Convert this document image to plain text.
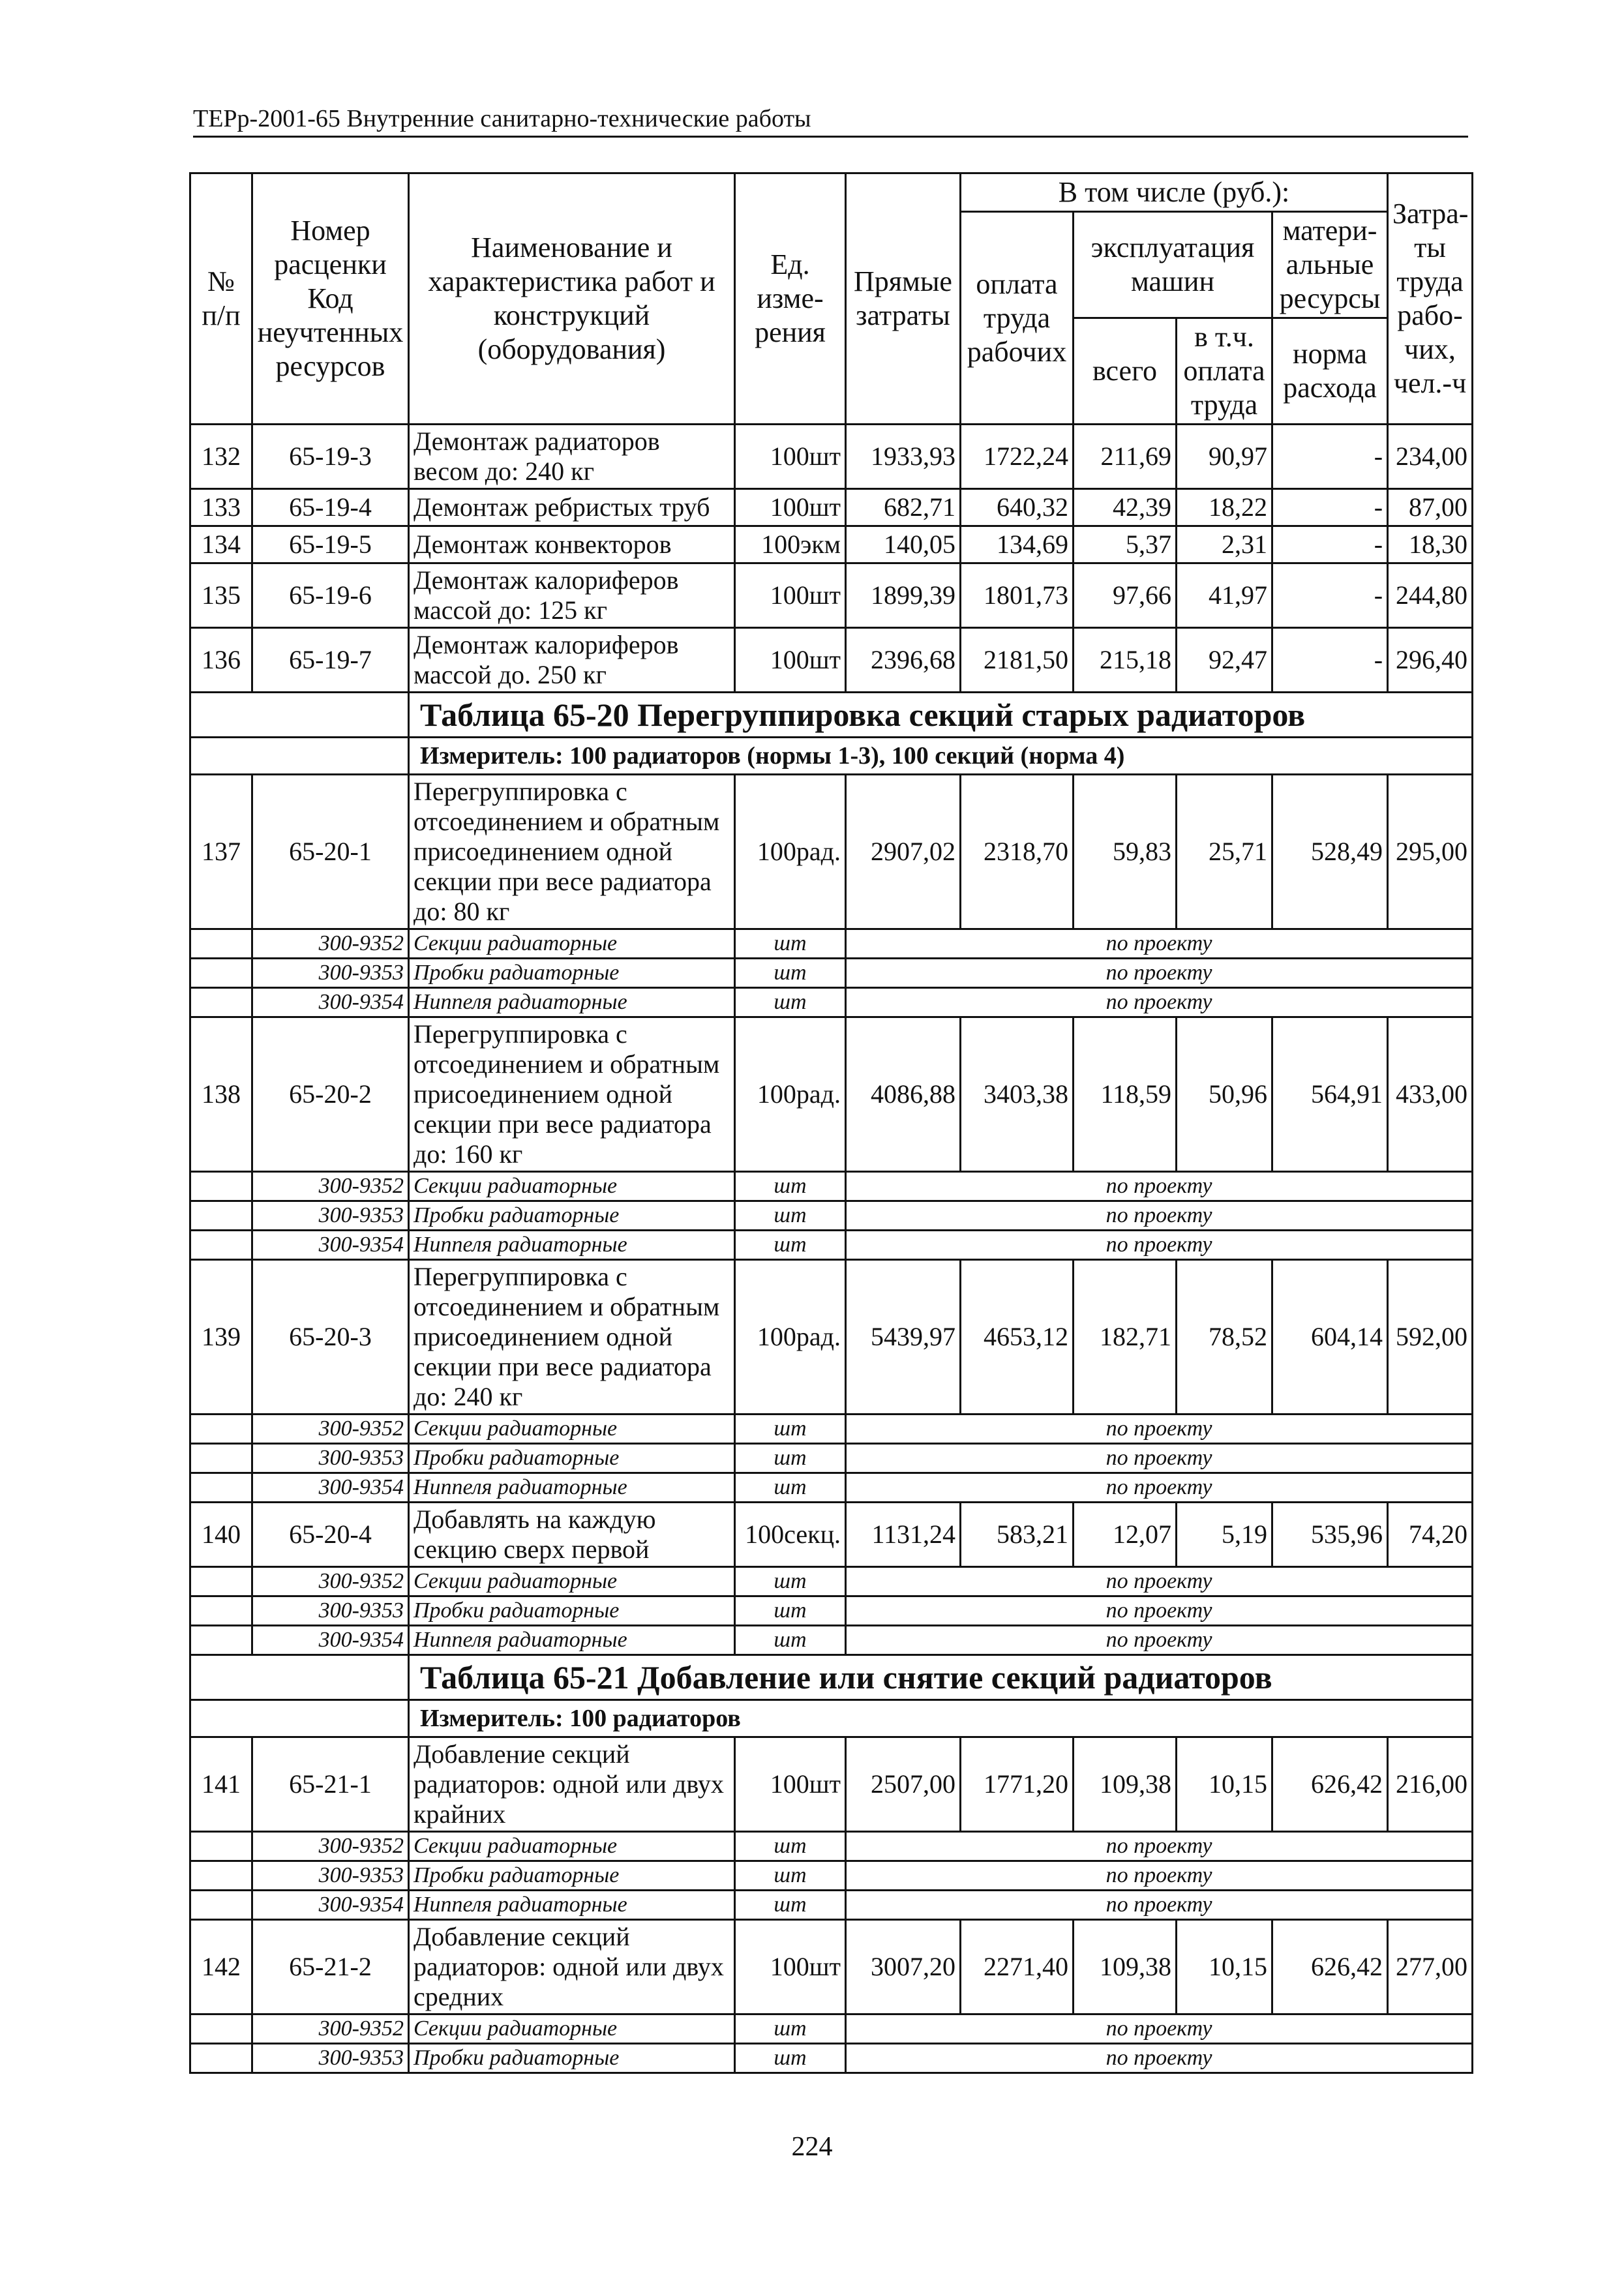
ТЕРр-2001-65 Внутренние санитарно-технические работы
№ п/п	Номер расценки Код неучтенных ресурсов	Наименование и характеристика работ и конструкций (оборудования)	Ед. изме-рения	Прямые затраты	В том числе (руб.):				Затра-ты труда рабо-чих, чел.-ч
					оплата труда рабочих	эксплуатация машин		матери-альные ресурсы	
						всего	в т.ч. оплата труда	норма расхода	
132	65-19-3	Демонтаж радиаторов весом до: 240 кг	100шт	1933,93	1722,24	211,69	90,97	-	234,00
133	65-19-4	Демонтаж ребристых труб	100шт	682,71	640,32	42,39	18,22	-	87,00
134	65-19-5	Демонтаж конвекторов	100экм	140,05	134,69	5,37	2,31	-	18,30
135	65-19-6	Демонтаж калориферов массой до: 125 кг	100шт	1899,39	1801,73	97,66	41,97	-	244,80
136	65-19-7	Демонтаж калориферов массой до. 250 кг	100шт	2396,68	2181,50	215,18	92,47	-	296,40
		Таблица 65-20 Перегруппировка секций старых радиаторов							
		Измеритель: 100 радиаторов (нормы 1-3), 100 секций (норма 4)							
137	65-20-1	Перегруппировка с отсоединением и обратным присоединением одной секции при весе радиатора до: 80 кг	100рад.	2907,02	2318,70	59,83	25,71	528,49	295,00
	300-9352	Секции радиаторные	шт	по проекту					
	300-9353	Пробки радиаторные	шт	по проекту					
	300-9354	Ниппеля радиаторные	шт	по проекту					
138	65-20-2	Перегруппировка с отсоединением и обратным присоединением одной секции при весе радиатора до: 160 кг	100рад.	4086,88	3403,38	118,59	50,96	564,91	433,00
	300-9352	Секции радиаторные	шт	по проекту					
	300-9353	Пробки радиаторные	шт	по проекту					
	300-9354	Ниппеля радиаторные	шт	по проекту					
139	65-20-3	Перегруппировка с отсоединением и обратным присоединением одной секции при весе радиатора до: 240 кг	100рад.	5439,97	4653,12	182,71	78,52	604,14	592,00
	300-9352	Секции радиаторные	шт	по проекту					
	300-9353	Пробки радиаторные	шт	по проекту					
	300-9354	Ниппеля радиаторные	шт	по проекту					
140	65-20-4	Добавлять на каждую секцию сверх первой	100секц.	1131,24	583,21	12,07	5,19	535,96	74,20
	300-9352	Секции радиаторные	шт	по проекту					
	300-9353	Пробки радиаторные	шт	по проекту					
	300-9354	Ниппеля радиаторные	шт	по проекту					
		Таблица 65-21 Добавление или снятие секций радиаторов							
		Измеритель: 100 радиаторов							
141	65-21-1	Добавление секций радиаторов: одной или двух крайних	100шт	2507,00	1771,20	109,38	10,15	626,42	216,00
	300-9352	Секции радиаторные	шт	по проекту					
	300-9353	Пробки радиаторные	шт	по проекту					
	300-9354	Ниппеля радиаторные	шт	по проекту					
142	65-21-2	Добавление секций радиаторов: одной или двух средних	100шт	3007,20	2271,40	109,38	10,15	626,42	277,00
	300-9352	Секции радиаторные	шт	по проекту					
	300-9353	Пробки радиаторные	шт	по проекту					
224
